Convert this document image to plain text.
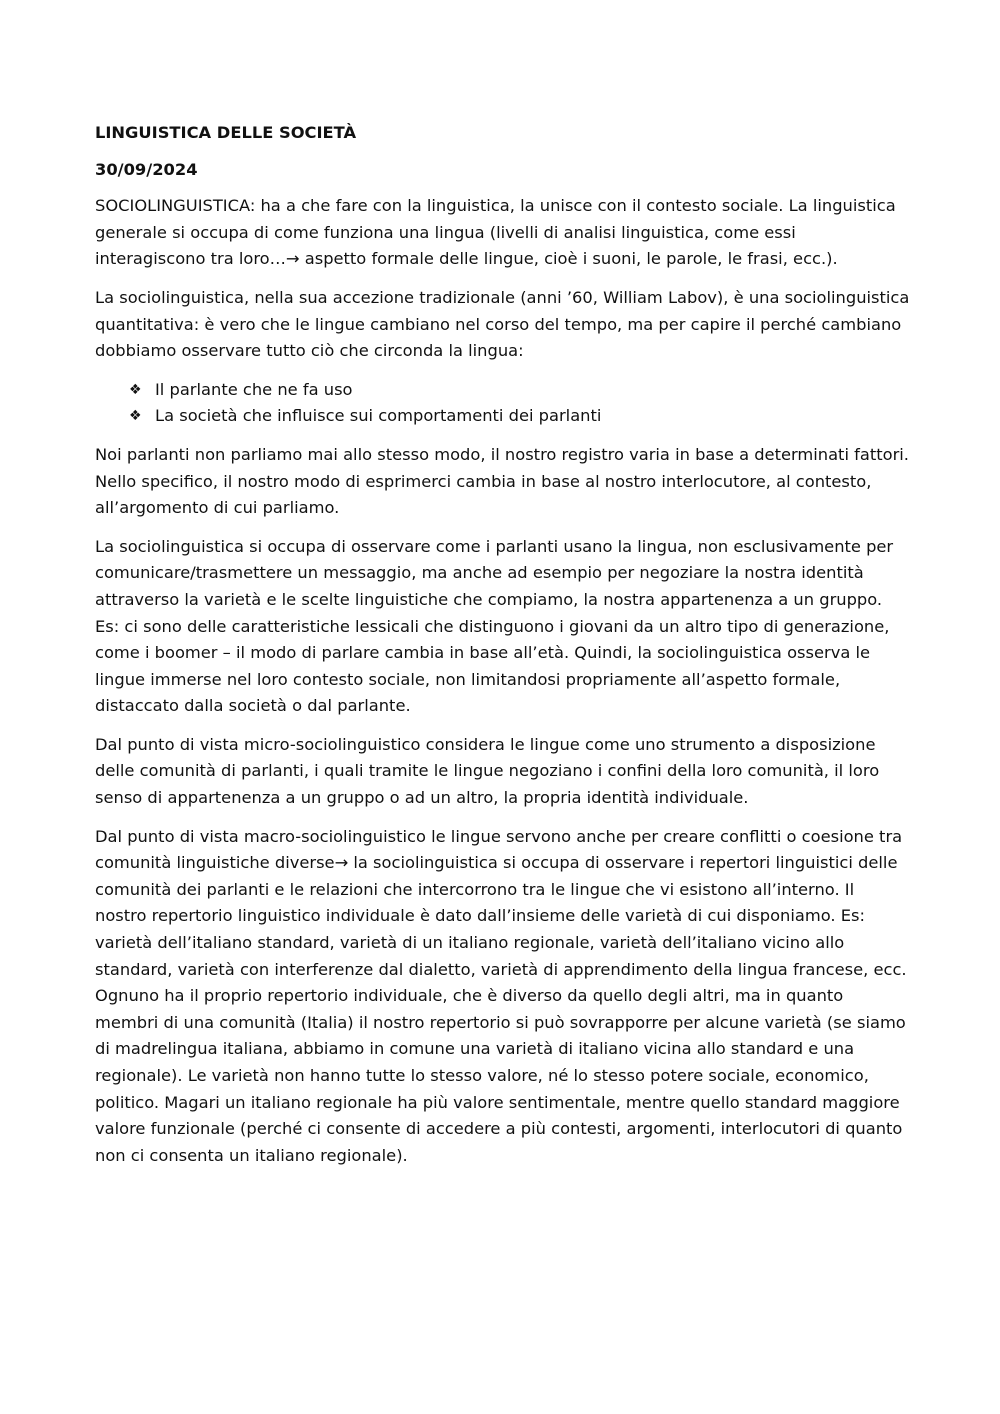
LINGUISTICA DELLE SOCIETÀ

30/09/2024

SOCIOLINGUISTICA: ha a che fare con la linguistica, la unisce con il contesto sociale. La linguistica generale si occupa di come funziona una lingua (livelli di analisi linguistica, come essi interagiscono tra loro…→ aspetto formale delle lingue, cioè i suoni, le parole, le frasi, ecc.).

La sociolinguistica, nella sua accezione tradizionale (anni ’60, William Labov), è una sociolinguistica quantitativa: è vero che le lingue cambiano nel corso del tempo, ma per capire il perché cambiano dobbiamo osservare tutto ciò che circonda la lingua:

❖ Il parlante che ne fa uso
❖ La società che influisce sui comportamenti dei parlanti

Noi parlanti non parliamo mai allo stesso modo, il nostro registro varia in base a determinati fattori. Nello specifico, il nostro modo di esprimerci cambia in base al nostro interlocutore, al contesto, all’argomento di cui parliamo.

La sociolinguistica si occupa di osservare come i parlanti usano la lingua, non esclusivamente per comunicare/trasmettere un messaggio, ma anche ad esempio per negoziare la nostra identità attraverso la varietà e le scelte linguistiche che compiamo, la nostra appartenenza a un gruppo. Es: ci sono delle caratteristiche lessicali che distinguono i giovani da un altro tipo di generazione, come i boomer – il modo di parlare cambia in base all’età. Quindi, la sociolinguistica osserva le lingue immerse nel loro contesto sociale, non limitandosi propriamente all’aspetto formale, distaccato dalla società o dal parlante.

Dal punto di vista micro-sociolinguistico considera le lingue come uno strumento a disposizione delle comunità di parlanti, i quali tramite le lingue negoziano i confini della loro comunità, il loro senso di appartenenza a un gruppo o ad un altro, la propria identità individuale.

Dal punto di vista macro-sociolinguistico le lingue servono anche per creare conflitti o coesione tra comunità linguistiche diverse→ la sociolinguistica si occupa di osservare i repertori linguistici delle comunità dei parlanti e le relazioni che intercorrono tra le lingue che vi esistono all’interno. Il nostro repertorio linguistico individuale è dato dall’insieme delle varietà di cui disponiamo. Es: varietà dell’italiano standard, varietà di un italiano regionale, varietà dell’italiano vicino allo standard, varietà con interferenze dal dialetto, varietà di apprendimento della lingua francese, ecc. Ognuno ha il proprio repertorio individuale, che è diverso da quello degli altri, ma in quanto membri di una comunità (Italia) il nostro repertorio si può sovrapporre per alcune varietà (se siamo di madrelingua italiana, abbiamo in comune una varietà di italiano vicina allo standard e una regionale). Le varietà non hanno tutte lo stesso valore, né lo stesso potere sociale, economico, politico. Magari un italiano regionale ha più valore sentimentale, mentre quello standard maggiore valore funzionale (perché ci consente di accedere a più contesti, argomenti, interlocutori di quanto non ci consenta un italiano regionale).
